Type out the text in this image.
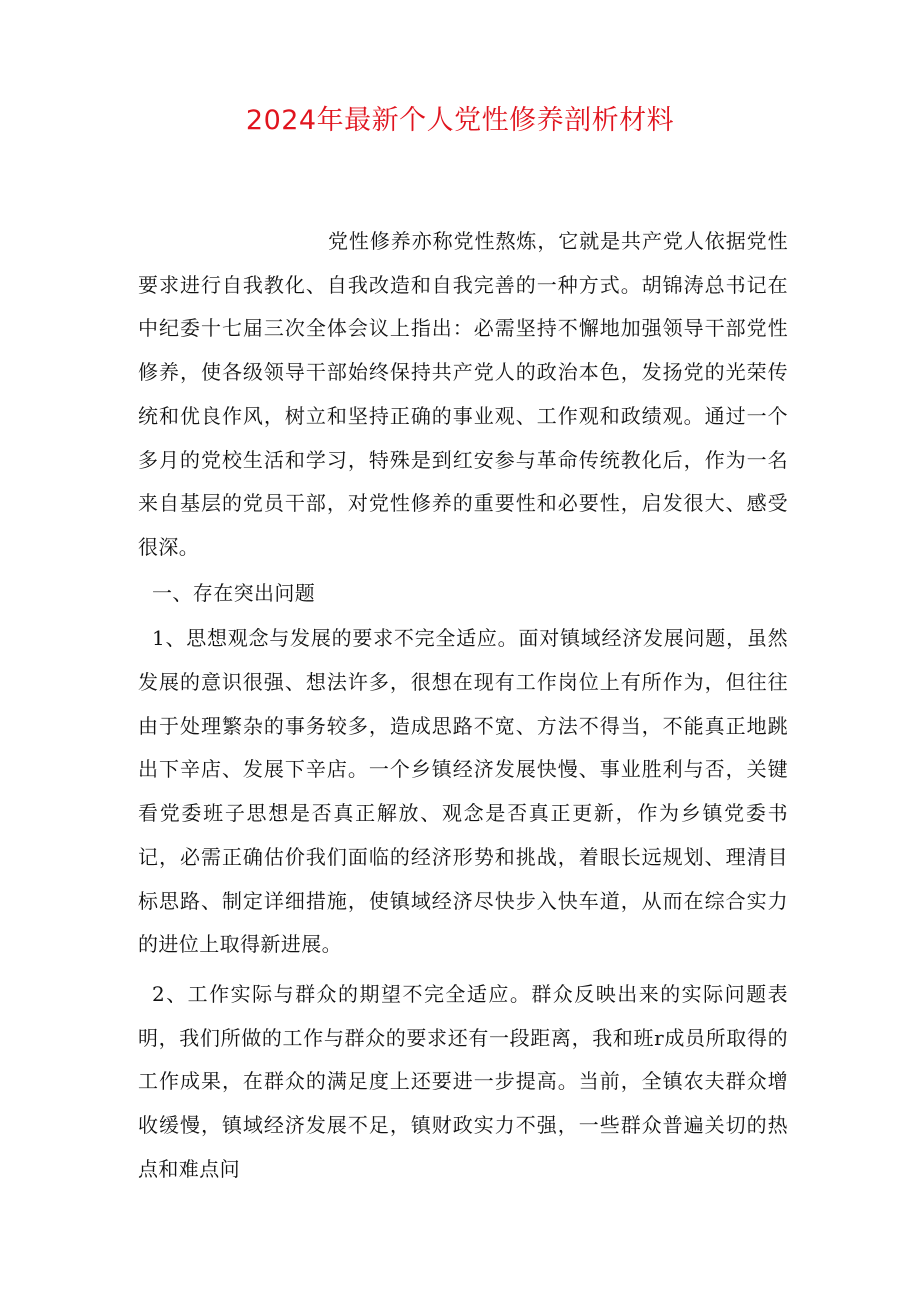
2024年最新个人党性修养剖析材料

党性修养亦称党性熬炼，它就是共产党人依据党性要求进行自我教化、自我改造和自我完善的一种方式。胡锦涛总书记在中纪委十七届三次全体会议上指出：必需坚持不懈地加强领导干部党性修养，使各级领导干部始终保持共产党人的政治本色，发扬党的光荣传统和优良作风，树立和坚持正确的事业观、工作观和政绩观。通过一个多月的党校生活和学习，特殊是到红安参与革命传统教化后，作为一名来自基层的党员干部，对党性修养的重要性和必要性，启发很大、感受很深。

一、存在突出问题

1、思想观念与发展的要求不完全适应。面对镇域经济发展问题，虽然发展的意识很强、想法许多，很想在现有工作岗位上有所作为，但往往由于处理繁杂的事务较多，造成思路不宽、方法不得当，不能真正地跳出下辛店、发展下辛店。一个乡镇经济发展快慢、事业胜利与否，关键看党委班子思想是否真正解放、观念是否真正更新，作为乡镇党委书记，必需正确估价我们面临的经济形势和挑战，着眼长远规划、理清目标思路、制定详细措施，使镇域经济尽快步入快车道，从而在综合实力的进位上取得新进展。

2、工作实际与群众的期望不完全适应。群众反映出来的实际问题表明，我们所做的工作与群众的要求还有一段距离，我和班r成员所取得的工作成果，在群众的满足度上还要进一步提高。当前，全镇农夫群众增收缓慢，镇域经济发展不足，镇财政实力不强，一些群众普遍关切的热点和难点问
